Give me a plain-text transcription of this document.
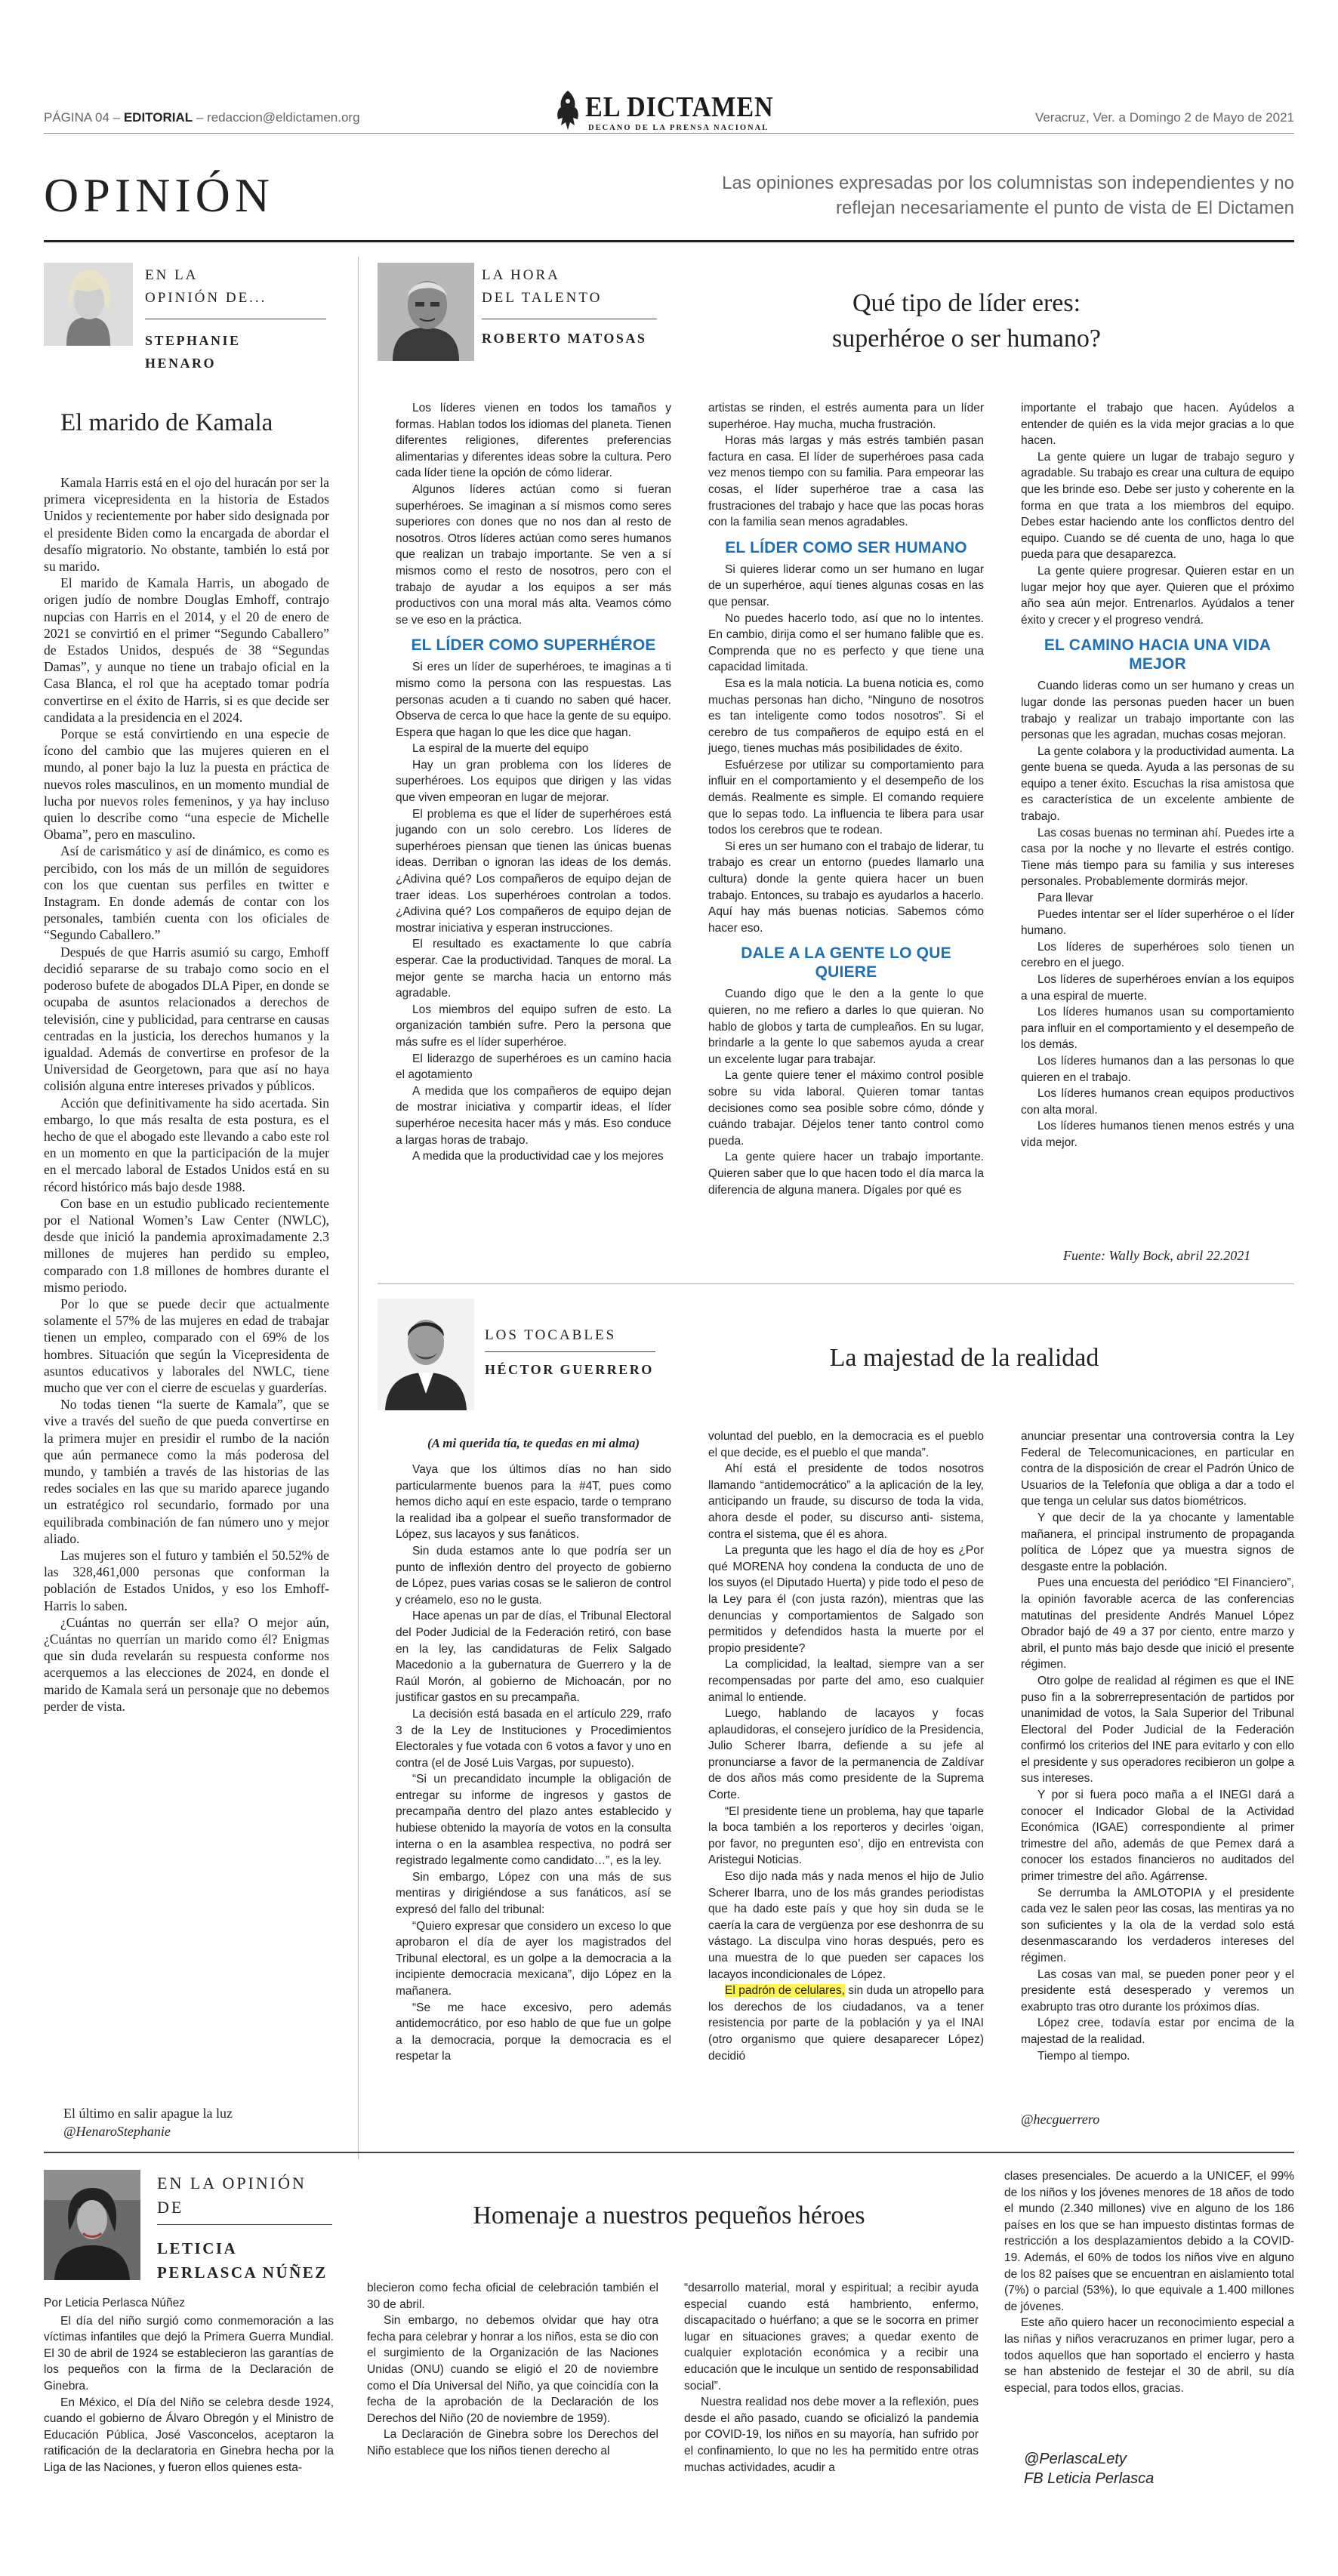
PÁGINA 04 – EDITORIAL – redaccion@eldictamen.org	EL DICTAMEN
DECANO DE LA PRENSA NACIONAL
Veracruz, Ver. a Domingo 2 de Mayo de 2021
OPINIÓN	Las opiniones expresadas por los columnistas son independientes y no
reflejan necesariamente el punto de vista de El Dictamen
EN LA
OPINIÓN DE...
STEPHANIE
HENARO
El marido de Kamala

Kamala Harris está en el ojo del huracán por ser la primera vicepresidenta en la historia de Estados Unidos y recientemente por haber sido designada por el presidente Biden como la encargada de abordar el desafío migratorio. No obstante, también lo está por su marido.

El marido de Kamala Harris, un abogado de origen judío de nombre Douglas Emhoff, contrajo nupcias con Harris en el 2014, y el 20 de enero de 2021 se convirtió en el primer “Segundo Caballero” de Estados Unidos, después de 38 “Segundas Damas”, y aunque no tiene un trabajo oficial en la Casa Blanca, el rol que ha aceptado tomar podría convertirse en el éxito de Harris, si es que decide ser candidata a la presidencia en el 2024.

Porque se está convirtiendo en una especie de ícono del cambio que las mujeres quieren en el mundo, al poner bajo la luz la puesta en práctica de nuevos roles masculinos, en un momento mundial de lucha por nuevos roles femeninos, y ya hay incluso quien lo describe como “una especie de Michelle Obama”, pero en masculino.

Así de carismático y así de dinámico, es como es percibido, con los más de un millón de seguidores con los que cuentan sus perfiles en twitter e Instagram. En donde además de contar con los personales, también cuenta con los oficiales de “Segundo Caballero.”

Después de que Harris asumió su cargo, Emhoff decidió separarse de su trabajo como socio en el poderoso bufete de abogados DLA Piper, en donde se ocupaba de asuntos relacionados a derechos de televisión, cine y publicidad, para centrarse en causas centradas en la justicia, los derechos humanos y la igualdad. Además de convertirse en profesor de la Universidad de Georgetown, para que así no haya colisión alguna entre intereses privados y públicos.

Acción que definitivamente ha sido acertada. Sin embargo, lo que más resalta de esta postura, es el hecho de que el abogado este llevando a cabo este rol en un momento en que la participación de la mujer en el mercado laboral de Estados Unidos está en su récord histórico más bajo desde 1988.

Con base en un estudio publicado recientemente por el National Women’s Law Center (NWLC), desde que inició la pandemia aproximadamente 2.3 millones de mujeres han perdido su empleo, comparado con 1.8 millones de hombres durante el mismo periodo.

Por lo que se puede decir que actualmente solamente el 57% de las mujeres en edad de trabajar tienen un empleo, comparado con el 69% de los hombres. Situación que según la Vicepresidenta de asuntos educativos y laborales del NWLC, tiene mucho que ver con el cierre de escuelas y guarderías.

No todas tienen “la suerte de Kamala”, que se vive a través del sueño de que pueda convertirse en la primera mujer en presidir el rumbo de la nación que aún permanece como la más poderosa del mundo, y también a través de las historias de las redes sociales en las que su marido aparece jugando un estratégico rol secundario, formado por una equilibrada combinación de fan número uno y mejor aliado.

Las mujeres son el futuro y también el 50.52% de las 328,461,000 personas que conforman la población de Estados Unidos, y eso los Emhoff-Harris lo saben.

¿Cuántas no querrán ser ella? O mejor aún, ¿Cuántas no querrían un marido como él? Enigmas que sin duda revelarán su respuesta conforme nos acerquemos a las elecciones de 2024, en donde el marido de Kamala será un personaje que no debemos perder de vista.

El último en salir apague la luz
@HenaroStephanie
LA HORA
DEL TALENTO
ROBERTO MATOSAS
Qué tipo de líder eres:
superhéroe o ser humano?

Los líderes vienen en todos los tamaños y formas. Hablan todos los idiomas del planeta. Tienen diferentes religiones, diferentes preferencias alimentarias y diferentes ideas sobre la cultura. Pero cada líder tiene la opción de cómo liderar.

Algunos líderes actúan como si fueran superhéroes. Se imaginan a sí mismos como seres superiores con dones que no nos dan al resto de nosotros. Otros líderes actúan como seres humanos que realizan un trabajo importante. Se ven a sí mismos como el resto de nosotros, pero con el trabajo de ayudar a los equipos a ser más productivos con una moral más alta. Veamos cómo se ve eso en la práctica.

EL LÍDER COMO SUPERHÉROE

Si eres un líder de superhéroes, te imaginas a ti mismo como la persona con las respuestas. Las personas acuden a ti cuando no saben qué hacer. Observa de cerca lo que hace la gente de su equipo. Espera que hagan lo que les dice que hagan.

La espiral de la muerte del equipo

Hay un gran problema con los líderes de superhéroes. Los equipos que dirigen y las vidas que viven empeoran en lugar de mejorar.

El problema es que el líder de superhéroes está jugando con un solo cerebro. Los líderes de superhéroes piensan que tienen las únicas buenas ideas. Derriban o ignoran las ideas de los demás. ¿Adivina qué? Los compañeros de equipo dejan de traer ideas. Los superhéroes controlan a todos. ¿Adivina qué? Los compañeros de equipo dejan de mostrar iniciativa y esperan instrucciones.

El resultado es exactamente lo que cabría esperar. Cae la productividad. Tanques de moral. La mejor gente se marcha hacia un entorno más agradable.

Los miembros del equipo sufren de esto. La organización también sufre. Pero la persona que más sufre es el líder superhéroe.

El liderazgo de superhéroes es un camino hacia el agotamiento

A medida que los compañeros de equipo dejan de mostrar iniciativa y compartir ideas, el líder superhéroe necesita hacer más y más. Eso conduce a largas horas de trabajo.

A medida que la productividad cae y los mejores

artistas se rinden, el estrés aumenta para un líder superhéroe. Hay mucha, mucha frustración.

Horas más largas y más estrés también pasan factura en casa. El líder de superhéroes pasa cada vez menos tiempo con su familia. Para empeorar las cosas, el líder superhéroe trae a casa las frustraciones del trabajo y hace que las pocas horas con la familia sean menos agradables.

EL LÍDER COMO SER HUMANO

Si quieres liderar como un ser humano en lugar de un superhéroe, aquí tienes algunas cosas en las que pensar.

No puedes hacerlo todo, así que no lo intentes. En cambio, dirija como el ser humano falible que es. Comprenda que no es perfecto y que tiene una capacidad limitada.

Esa es la mala noticia. La buena noticia es, como muchas personas han dicho, “Ninguno de nosotros es tan inteligente como todos nosotros”. Si el cerebro de tus compañeros de equipo está en el juego, tienes muchas más posibilidades de éxito.

Esfuérzese por utilizar su comportamiento para influir en el comportamiento y el desempeño de los demás. Realmente es simple. El comando requiere que lo sepas todo. La influencia te libera para usar todos los cerebros que te rodean.

Si eres un ser humano con el trabajo de liderar, tu trabajo es crear un entorno (puedes llamarlo una cultura) donde la gente quiera hacer un buen trabajo. Entonces, su trabajo es ayudarlos a hacerlo. Aquí hay más buenas noticias. Sabemos cómo hacer eso.

DALE A LA GENTE LO QUE QUIERE

Cuando digo que le den a la gente lo que quieren, no me refiero a darles lo que quieran. No hablo de globos y tarta de cumpleaños. En su lugar, brindarle a la gente lo que sabemos ayuda a crear un excelente lugar para trabajar.

La gente quiere tener el máximo control posible sobre su vida laboral. Quieren tomar tantas decisiones como sea posible sobre cómo, dónde y cuándo trabajar. Déjelos tener tanto control como pueda.

La gente quiere hacer un trabajo importante. Quieren saber que lo que hacen todo el día marca la diferencia de alguna manera. Dígales por qué es

importante el trabajo que hacen. Ayúdelos a entender de quién es la vida mejor gracias a lo que hacen.

La gente quiere un lugar de trabajo seguro y agradable. Su trabajo es crear una cultura de equipo que les brinde eso. Debe ser justo y coherente en la forma en que trata a los miembros del equipo. Debes estar haciendo ante los conflictos dentro del equipo. Cuando se dé cuenta de uno, haga lo que pueda para que desaparezca.

La gente quiere progresar. Quieren estar en un lugar mejor hoy que ayer. Quieren que el próximo año sea aún mejor. Entrenarlos. Ayúdalos a tener éxito y crecer y el progreso vendrá.

EL CAMINO HACIA UNA VIDA MEJOR

Cuando lideras como un ser humano y creas un lugar donde las personas pueden hacer un buen trabajo y realizar un trabajo importante con las personas que les agradan, muchas cosas mejoran.

La gente colabora y la productividad aumenta. La gente buena se queda. Ayuda a las personas de su equipo a tener éxito. Escuchas la risa amistosa que es característica de un excelente ambiente de trabajo.

Las cosas buenas no terminan ahí. Puedes irte a casa por la noche y no llevarte el estrés contigo. Tiene más tiempo para su familia y sus intereses personales. Probablemente dormirás mejor.

Para llevar

Puedes intentar ser el líder superhéroe o el líder humano.

Los líderes de superhéroes solo tienen un cerebro en el juego.

Los líderes de superhéroes envían a los equipos a una espiral de muerte.

Los líderes humanos usan su comportamiento para influir en el comportamiento y el desempeño de los demás.

Los líderes humanos dan a las personas lo que quieren en el trabajo.

Los líderes humanos crean equipos productivos con alta moral.

Los líderes humanos tienen menos estrés y una vida mejor.

Fuente: Wally Bock, abril 22.2021
LOS TOCABLES
HÉCTOR GUERRERO	La majestad de la realidad
(A mi querida tía, te quedas en mi alma)

Vaya que los últimos días no han sido particularmente buenos para la #4T, pues como hemos dicho aquí en este espacio, tarde o temprano la realidad iba a golpear el sueño transformador de López, sus lacayos y sus fanáticos.

Sin duda estamos ante lo que podría ser un punto de inflexión dentro del proyecto de gobierno de López, pues varias cosas se le salieron de control y créamelo, eso no le gusta.

Hace apenas un par de días, el Tribunal Electoral del Poder Judicial de la Federación retiró, con base en la ley, las candidaturas de Felix Salgado Macedonio a la gubernatura de Guerrero y la de Raúl Morón, al gobierno de Michoacán, por no justificar gastos en su precampaña.

La decisión está basada en el artículo 229, rrafo 3 de la Ley de Instituciones y Procedimientos Electorales y fue votada con 6 votos a favor y uno en contra (el de José Luis Vargas, por supuesto).

“Si un precandidato incumple la obligación de entregar su informe de ingresos y gastos de precampaña dentro del plazo antes establecido y hubiese obtenido la mayoría de votos en la consulta interna o en la asamblea respectiva, no podrá ser registrado legalmente como candidato…”, es la ley.

Sin embargo, López con una más de sus mentiras y dirigiéndose a sus fanáticos, así se expresó del fallo del tribunal:

“Quiero expresar que considero un exceso lo que aprobaron el día de ayer los magistrados del Tribunal electoral, es un golpe a la democracia a la incipiente democracia mexicana”, dijo López en la mañanera.

“Se me hace excesivo, pero además antidemocrático, por eso hablo de que fue un golpe a la democracia, porque la democracia es el respetar la

voluntad del pueblo, en la democracia es el pueblo el que decide, es el pueblo el que manda”.

Ahí está el presidente de todos nosotros llamando “antidemocrático” a la aplicación de la ley, anticipando un fraude, su discurso de toda la vida, ahora desde el poder, su discurso anti- sistema, contra el sistema, que él es ahora.

La pregunta que les hago el día de hoy es ¿Por qué MORENA hoy condena la conducta de uno de los suyos (el Diputado Huerta) y pide todo el peso de la Ley para él (con justa razón), mientras que las denuncias y comportamientos de Salgado son permitidos y defendidos hasta la muerte por el propio presidente?

La complicidad, la lealtad, siempre van a ser recompensadas por parte del amo, eso cualquier animal lo entiende.

Luego, hablando de lacayos y focas aplaudidoras, el consejero jurídico de la Presidencia, Julio Scherer Ibarra, defiende a su jefe al pronunciarse a favor de la permanencia de Zaldívar de dos años más como presidente de la Suprema Corte.

“El presidente tiene un problema, hay que taparle la boca también a los reporteros y decirles ‘oigan, por favor, no pregunten eso’, dijo en entrevista con Aristegui Noticias.

Eso dijo nada más y nada menos el hijo de Julio Scherer Ibarra, uno de los más grandes periodistas que ha dado este país y que hoy sin duda se le caería la cara de vergüenza por ese deshonrra de su vástago. La disculpa vino horas después, pero es una muestra de lo que pueden ser capaces los lacayos incondicionales de López.

El padrón de celulares, sin duda un atropello para los derechos de los ciudadanos, va a tener resistencia por parte de la población y ya el INAI (otro organismo que quiere desaparecer López) decidió

anunciar presentar una controversia contra la Ley Federal de Telecomunicaciones, en particular en contra de la disposición de crear el Padrón Único de Usuarios de la Telefonía que obliga a dar a todo el que tenga un celular sus datos biométricos.

Y que decir de la ya chocante y lamentable mañanera, el principal instrumento de propaganda política de López que ya muestra signos de desgaste entre la población.

Pues una encuesta del periódico “El Financiero”, la opinión favorable acerca de las conferencias matutinas del presidente Andrés Manuel López Obrador bajó de 49 a 37 por ciento, entre marzo y abril, el punto más bajo desde que inició el presente régimen.

Otro golpe de realidad al régimen es que el INE puso fin a la sobrerrepresentación de partidos por unanimidad de votos, la Sala Superior del Tribunal Electoral del Poder Judicial de la Federación confirmó los criterios del INE para evitarlo y con ello el presidente y sus operadores recibieron un golpe a sus intereses.

Y por si fuera poco maña a el INEGI dará a conocer el Indicador Global de la Actividad Económica (IGAE) correspondiente al primer trimestre del año, además de que Pemex dará a conocer los estados financieros no auditados del primer trimestre del año. Agárrense.

Se derrumba la AMLOTOPIA y el presidente cada vez le salen peor las cosas, las mentiras ya no son suficientes y la ola de la verdad solo está desenmascarando los verdaderos intereses del régimen.

Las cosas van mal, se pueden poner peor y el presidente está desesperado y veremos un exabrupto tras otro durante los próximos días.

López cree, todavía estar por encima de la majestad de la realidad.

Tiempo al tiempo.

@hecguerrero
EN LA OPINIÓN
DE
LETICIA
PERLASCA NÚÑEZ
Homenaje a nuestros pequeños héroes
Por Leticia Perlasca Núñez

El día del niño surgió como conmemoración a las víctimas infantiles que dejó la Primera Guerra Mundial. El 30 de abril de 1924 se establecieron las garantías de los pequeños con la firma de la Declaración de Ginebra.

En México, el Día del Niño se celebra desde 1924, cuando el gobierno de Álvaro Obregón y el Ministro de Educación Pública, José Vasconcelos, aceptaron la ratificación de la declaratoria en Ginebra hecha por la Liga de las Naciones, y fueron ellos quienes esta-

blecieron como fecha oficial de celebración también el 30 de abril.

Sin embargo, no debemos olvidar que hay otra fecha para celebrar y honrar a los niños, esta se dio con el surgimiento de la Organización de las Naciones Unidas (ONU) cuando se eligió el 20 de noviembre como el Día Universal del Niño, ya que coincidía con la fecha de la aprobación de la Declaración de los Derechos del Niño (20 de noviembre de 1959).

La Declaración de Ginebra sobre los Derechos del Niño establece que los niños tienen derecho al

“desarrollo material, moral y espiritual; a recibir ayuda especial cuando está hambriento, enfermo, discapacitado o huérfano; a que se le socorra en primer lugar en situaciones graves; a quedar exento de cualquier explotación económica y a recibir una educación que le inculque un sentido de responsabilidad social”.

Nuestra realidad nos debe mover a la reflexión, pues desde el año pasado, cuando se oficializó la pandemia por COVID-19, los niños en su mayoría, han sufrido por el confinamiento, lo que no les ha permitido entre otras muchas actividades, acudir a

clases presenciales. De acuerdo a la UNICEF, el 99% de los niños y los jóvenes menores de 18 años de todo el mundo (2.340 millones) vive en alguno de los 186 países en los que se han impuesto distintas formas de restricción a los desplazamientos debido a la COVID-19. Además, el 60% de todos los niños vive en alguno de los 82 países que se encuentran en aislamiento total (7%) o parcial (53%), lo que equivale a 1.400 millones de jóvenes.

Este año quiero hacer un reconocimiento especial a las niñas y niños veracruzanos en primer lugar, pero a todos aquellos que han soportado el encierro y hasta se han abstenido de festejar el 30 de abril, su día especial, para todos ellos, gracias.

@PerlascaLety
FB Leticia Perlasca
